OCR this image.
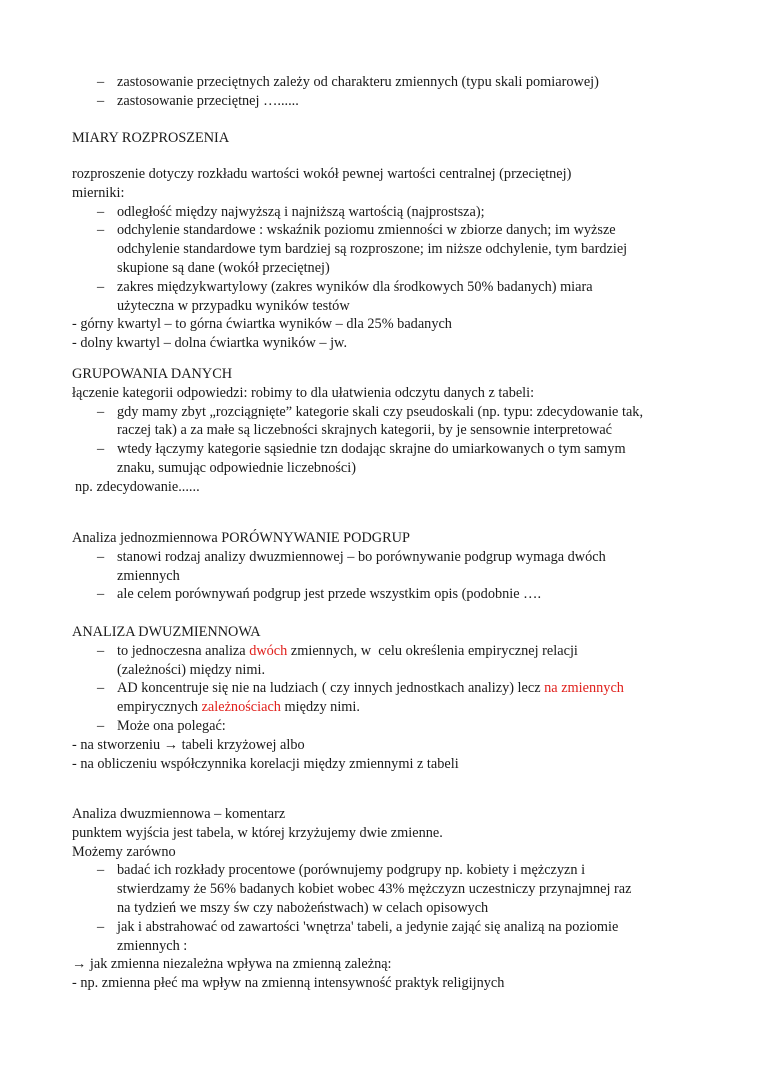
– zastosowanie przeciętnych zależy od charakteru zmiennych (typu skali pomiarowej)
– zastosowanie przeciętnej …......
MIARY ROZPROSZENIA
rozproszenie dotyczy rozkładu wartości wokół pewnej wartości centralnej (przeciętnej)
mierniki:
– odległość między najwyższą i najniższą wartością (najprostsza);
– odchylenie standardowe : wskaźnik poziomu zmienności w zbiorze danych; im wyższe
odchylenie standardowe tym bardziej są rozproszone; im niższe odchylenie, tym bardziej
skupione są dane (wokół przeciętnej)
– zakres międzykwartylowy (zakres wyników dla środkowych 50% badanych) miara
użyteczna w przypadku wyników testów
- górny kwartyl – to górna ćwiartka wyników – dla 25% badanych
- dolny kwartyl – dolna ćwiartka wyników – jw.
GRUPOWANIA DANYCH
łączenie kategorii odpowiedzi: robimy to dla ułatwienia odczytu danych z tabeli:
– gdy mamy zbyt „rozciągnięte” kategorie skali czy pseudoskali (np. typu: zdecydowanie tak,
raczej tak) a za małe są liczebności skrajnych kategorii, by je sensownie interpretować
– wtedy łączymy kategorie sąsiednie tzn dodając skrajne do umiarkowanych o tym samym
znaku, sumując odpowiednie liczebności)
np. zdecydowanie......
Analiza jednozmiennowa PORÓWNYWANIE PODGRUP
– stanowi rodzaj analizy dwuzmiennowej – bo porównywanie podgrup wymaga dwóch
zmiennych
– ale celem porównywań podgrup jest przede wszystkim opis (podobnie ….
ANALIZA DWUZMIENNOWA
– to jednoczesna analiza dwóch zmiennych, w  celu określenia empirycznej relacji
(zależności) między nimi.
– AD koncentruje się nie na ludziach ( czy innych jednostkach analizy) lecz na zmiennych
empirycznych zależnościach między nimi.
– Może ona polegać:
- na stworzeniu → tabeli krzyżowej albo
- na obliczeniu współczynnika korelacji między zmiennymi z tabeli
Analiza dwuzmiennowa – komentarz
punktem wyjścia jest tabela, w której krzyżujemy dwie zmienne.
Możemy zarówno
– badać ich rozkłady procentowe (porównujemy podgrupy np. kobiety i mężczyzn i
stwierdzamy że 56% badanych kobiet wobec 43% mężczyzn uczestniczy przynajmnej raz
na tydzień we mszy św czy nabożeństwach) w celach opisowych
– jak i abstrahować od zawartości 'wnętrza' tabeli, a jedynie zająć się analizą na poziomie
zmiennych :
→ jak zmienna niezależna wpływa na zmienną zależną:
- np. zmienna płeć ma wpływ na zmienną intensywność praktyk religijnych
